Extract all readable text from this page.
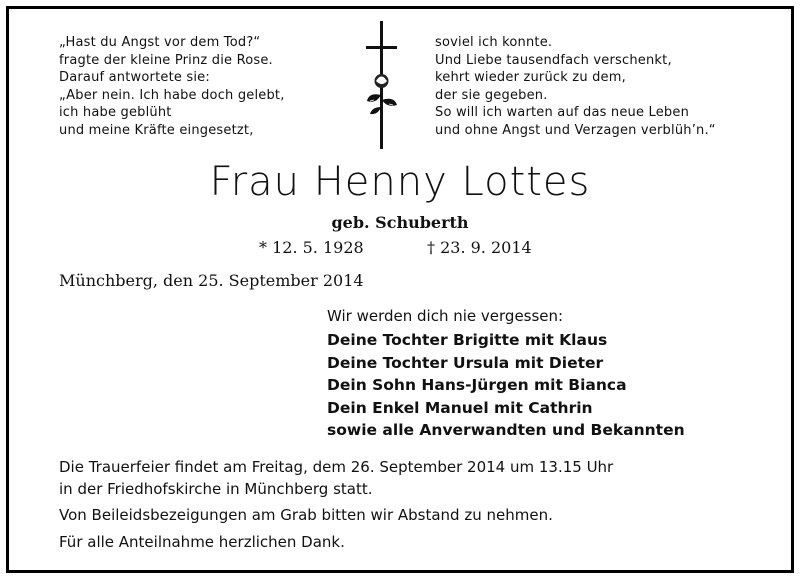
„Hast du Angst vor dem Tod?“
fragte der kleine Prinz die Rose.
Darauf antwortete sie:
„Aber nein. Ich habe doch gelebt,
ich habe geblüht
und meine Kräfte eingesetzt,
soviel ich konnte.
Und Liebe tausendfach verschenkt,
kehrt wieder zurück zu dem,
der sie gegeben.
So will ich warten auf das neue Leben
und ohne Angst und Verzagen verblüh’n.“
Frau Henny Lottes
geb. Schuberth
* 12. 5. 1928	† 23. 9. 2014
Münchberg, den 25. September 2014
Wir werden dich nie vergessen:
Deine Tochter Brigitte mit Klaus
Deine Tochter Ursula mit Dieter
Dein Sohn Hans-Jürgen mit Bianca
Dein Enkel Manuel mit Cathrin
sowie alle Anverwandten und Bekannten
Die Trauerfeier findet am Freitag, dem 26. September 2014 um 13.15 Uhr
in der Friedhofskirche in Münchberg statt.
Von Beileidsbezeigungen am Grab bitten wir Abstand zu nehmen.
Für alle Anteilnahme herzlichen Dank.
